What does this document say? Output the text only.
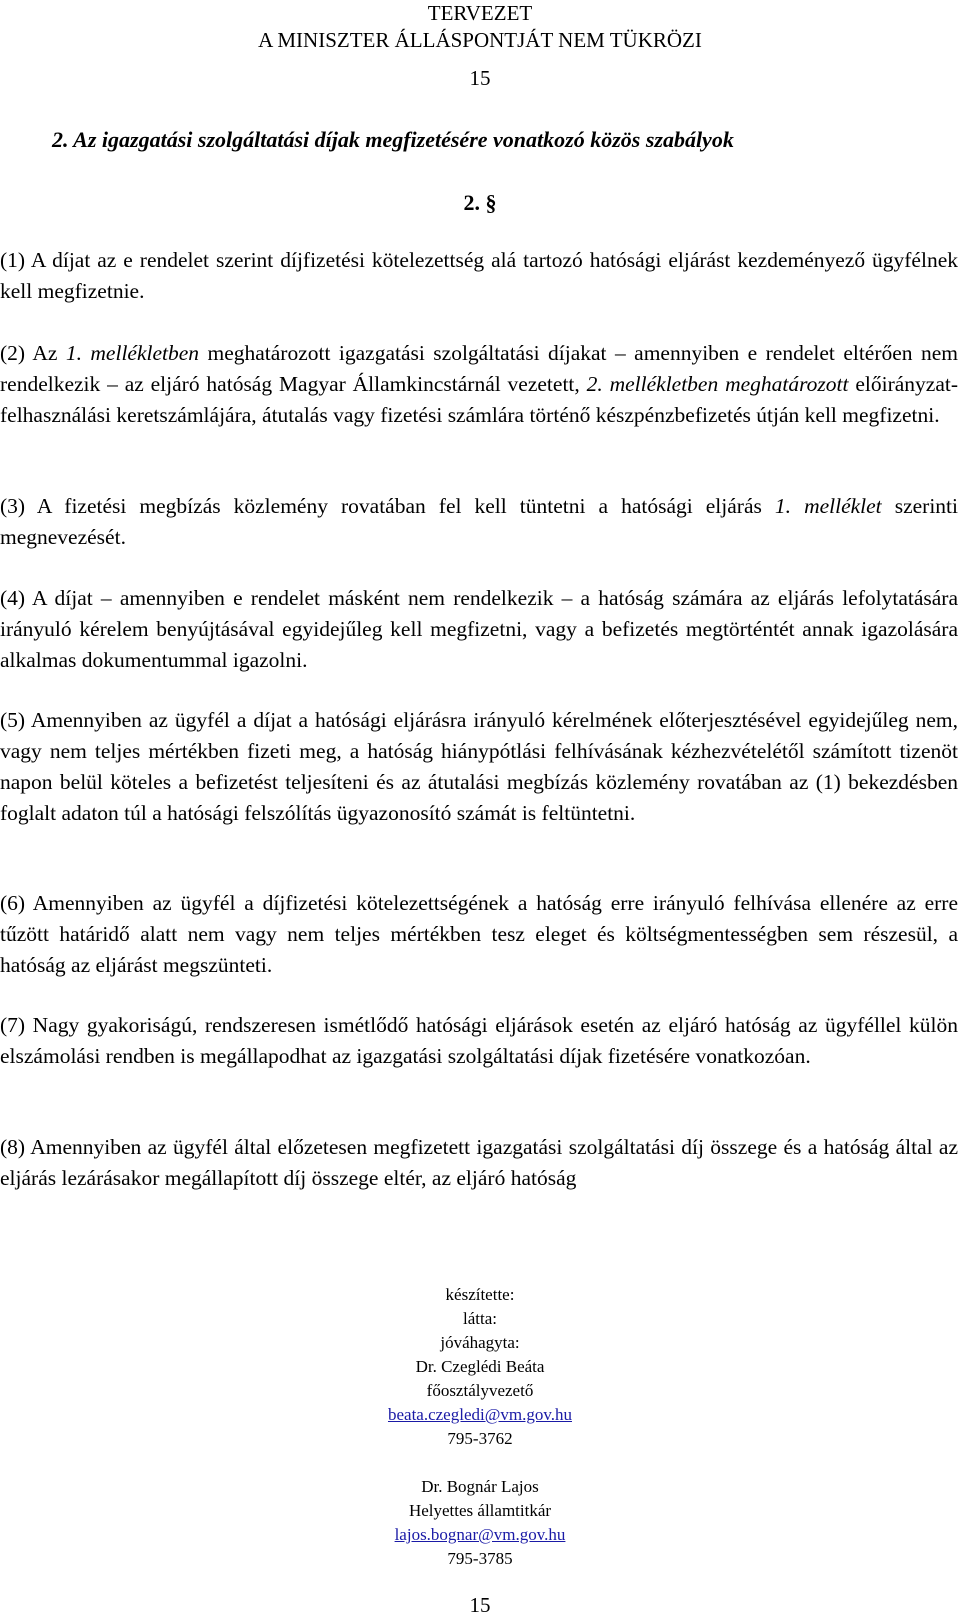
TERVEZET
A MINISZTER ÁLLÁSPONTJÁT NEM TÜKRÖZI
15
2. Az igazgatási szolgáltatási díjak megfizetésére vonatkozó közös szabályok
2. §

(1) A díjat az e rendelet szerint díjfizetési kötelezettség alá tartozó hatósági eljárást kezdeményező ügyfélnek kell megfizetnie.

(2) Az 1. mellékletben meghatározott igazgatási szolgáltatási díjakat – amennyiben e rendelet eltérően nem rendelkezik – az eljáró hatóság Magyar Államkincstárnál vezetett, 2. mellékletben meghatározott előirányzat-felhasználási keretszámlájára, átutalás vagy fizetési számlára történő készpénzbefizetés útján kell megfizetni.

(3) A fizetési megbízás közlemény rovatában fel kell tüntetni a hatósági eljárás 1. melléklet szerinti megnevezését.

(4) A díjat – amennyiben e rendelet másként nem rendelkezik – a hatóság számára az eljárás lefolytatására irányuló kérelem benyújtásával egyidejűleg kell megfizetni, vagy a befizetés megtörténtét annak igazolására alkalmas dokumentummal igazolni.

(5) Amennyiben az ügyfél a díjat a hatósági eljárásra irányuló kérelmének előterjesztésével egyidejűleg nem, vagy nem teljes mértékben fizeti meg, a hatóság hiánypótlási felhívásának kézhezvételétől számított tizenöt napon belül köteles a befizetést teljesíteni és az átutalási megbízás közlemény rovatában az (1) bekezdésben foglalt adaton túl a hatósági felszólítás ügyazonosító számát is feltüntetni.

(6) Amennyiben az ügyfél a díjfizetési kötelezettségének a hatóság erre irányuló felhívása ellenére az erre tűzött határidő alatt nem vagy nem teljes mértékben tesz eleget és költségmentességben sem részesül, a hatóság az eljárást megszünteti.

(7) Nagy gyakoriságú, rendszeresen ismétlődő hatósági eljárások esetén az eljáró hatóság az ügyféllel külön elszámolási rendben is megállapodhat az igazgatási szolgáltatási díjak fizetésére vonatkozóan.

(8) Amennyiben az ügyfél által előzetesen megfizetett igazgatási szolgáltatási díj összege és a hatóság által az eljárás lezárásakor megállapított díj összege eltér, az eljáró hatóság

készítette:
látta:
jóváhagyta:
Dr. Czeglédi Beáta
főosztályvezető
beata.czegledi@vm.gov.hu
795-3762
Dr. Bognár Lajos
Helyettes államtitkár
lajos.bognar@vm.gov.hu
795-3785
15
